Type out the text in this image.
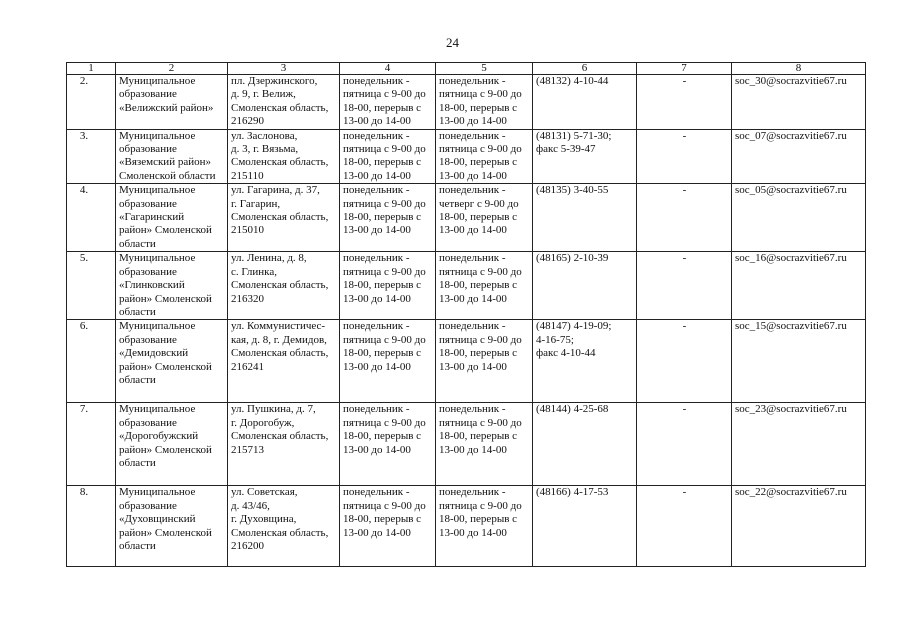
24
1	2	3	4	5	6	7	8
2.	Муниципальное
образование
«Велижский район»	пл. Дзержинского,
д. 9, г. Велиж,
Смоленская область,
216290	понедельник -
пятница с 9-00 до
18-00, перерыв с
13-00 до 14-00	понедельник -
пятница с 9-00 до
18-00, перерыв с
13-00 до 14-00	(48132) 4-10-44	-	soc_30@socrazvitie67.ru
3.	Муниципальное
образование
«Вяземский район»
Смоленской области	ул. Заслонова,
д. 3, г. Вязьма,
Смоленская область,
215110	понедельник -
пятница с 9-00 до
18-00, перерыв с
13-00 до 14-00	понедельник -
пятница с 9-00 до
18-00, перерыв с
13-00 до 14-00	(48131) 5-71-30;
факс 5-39-47	-	soc_07@socrazvitie67.ru
4.	Муниципальное
образование
«Гагаринский
район» Смоленской
области	ул. Гагарина, д. 37,
г. Гагарин,
Смоленская область,
215010	понедельник -
пятница с 9-00 до
18-00, перерыв с
13-00 до 14-00	понедельник -
четверг с 9-00 до
18-00, перерыв с
13-00 до 14-00	(48135) 3-40-55	-	soc_05@socrazvitie67.ru
5.	Муниципальное
образование
«Глинковский
район» Смоленской
области	ул. Ленина, д. 8,
с. Глинка,
Смоленская область,
216320	понедельник -
пятница с 9-00 до
18-00, перерыв с
13-00 до 14-00	понедельник -
пятница с 9-00 до
18-00, перерыв с
13-00 до 14-00	(48165) 2-10-39	-	soc_16@socrazvitie67.ru
6.	Муниципальное
образование
«Демидовский
район» Смоленской
области	ул. Коммунистичес-
кая, д. 8, г. Демидов,
Смоленская область,
216241	понедельник -
пятница с 9-00 до
18-00, перерыв с
13-00 до 14-00	понедельник -
пятница с 9-00 до
18-00, перерыв с
13-00 до 14-00	(48147) 4-19-09;
4-16-75;
факс 4-10-44	-	soc_15@socrazvitie67.ru
7.	Муниципальное
образование
«Дорогобужский
район» Смоленской
области	ул. Пушкина, д. 7,
г. Дорогобуж,
Смоленская область,
215713	понедельник -
пятница с 9-00 до
18-00, перерыв с
13-00 до 14-00	понедельник -
пятница с 9-00 до
18-00, перерыв с
13-00 до 14-00	(48144) 4-25-68	-	soc_23@socrazvitie67.ru
8.	Муниципальное
образование
«Духовщинский
район» Смоленской
области	ул. Советская,
д. 43/46,
г. Духовщина,
Смоленская область,
216200	понедельник -
пятница с 9-00 до
18-00, перерыв с
13-00 до 14-00	понедельник -
пятница с 9-00 до
18-00, перерыв с
13-00 до 14-00	(48166) 4-17-53	-	soc_22@socrazvitie67.ru
